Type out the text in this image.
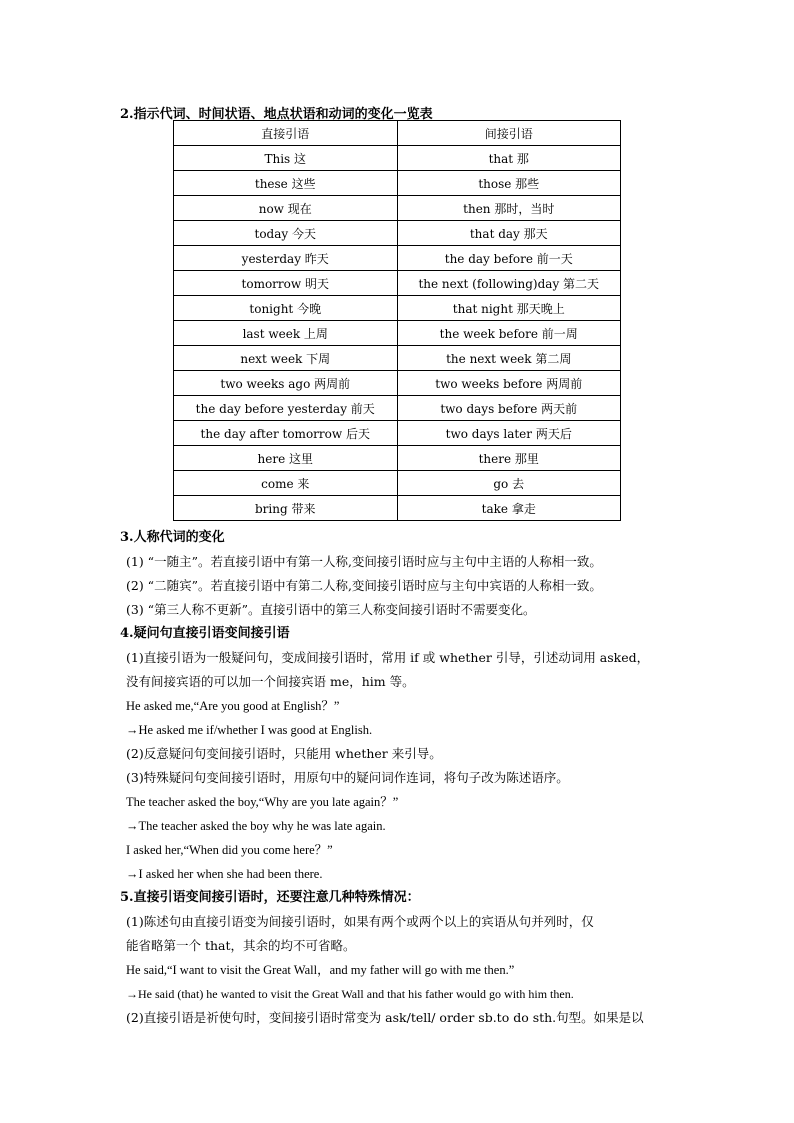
2.指示代词、时间状语、地点状语和动词的变化一览表
直接引语	间接引语
This 这	that 那
these 这些	those 那些
now 现在	then 那时，当时
today 今天	that day 那天
yesterday 昨天	the day before 前一天
tomorrow 明天	the next (following)day 第二天
tonight 今晚	that night 那天晚上
last week 上周	the week before 前一周
next week 下周	the next week 第二周
two weeks ago 两周前	two weeks before 两周前
the day before yesterday 前天	two days before 两天前
the day after tomorrow 后天	two days later 两天后
here 这里	there 那里
come 来	go 去
bring 带来	take 拿走
3.人称代词的变化
(1) “一随主”。若直接引语中有第一人称,变间接引语时应与主句中主语的人称相一致。
(2) “二随宾”。若直接引语中有第二人称,变间接引语时应与主句中宾语的人称相一致。
(3) “第三人称不更新”。直接引语中的第三人称变间接引语时不需要变化。
4.疑问句直接引语变间接引语
(1)直接引语为一般疑问句，变成间接引语时，常用 if 或 whether 引导，引述动词用 asked，
没有间接宾语的可以加一个间接宾语 me，him 等。
He asked me,“Are you good at English？”
→He asked me if/whether I was good at English.
(2)反意疑问句变间接引语时，只能用 whether 来引导。
(3)特殊疑问句变间接引语时，用原句中的疑问词作连词，将句子改为陈述语序。
The teacher asked the boy,“Why are you late again？”
→The teacher asked the boy why he was late again.
I asked her,“When did you come here？”
→I asked her when she had been there.
5.直接引语变间接引语时，还要注意几种特殊情况：
(1)陈述句由直接引语变为间接引语时，如果有两个或两个以上的宾语从句并列时，仅
能省略第一个 that，其余的均不可省略。
He said,“I want to visit the Great Wall，and my father will go with me then.”
→He said (that) he wanted to visit the Great Wall and that his father would go with him then.
(2)直接引语是祈使句时，变间接引语时常变为 ask/tell/ order sb.to do sth.句型。如果是以
